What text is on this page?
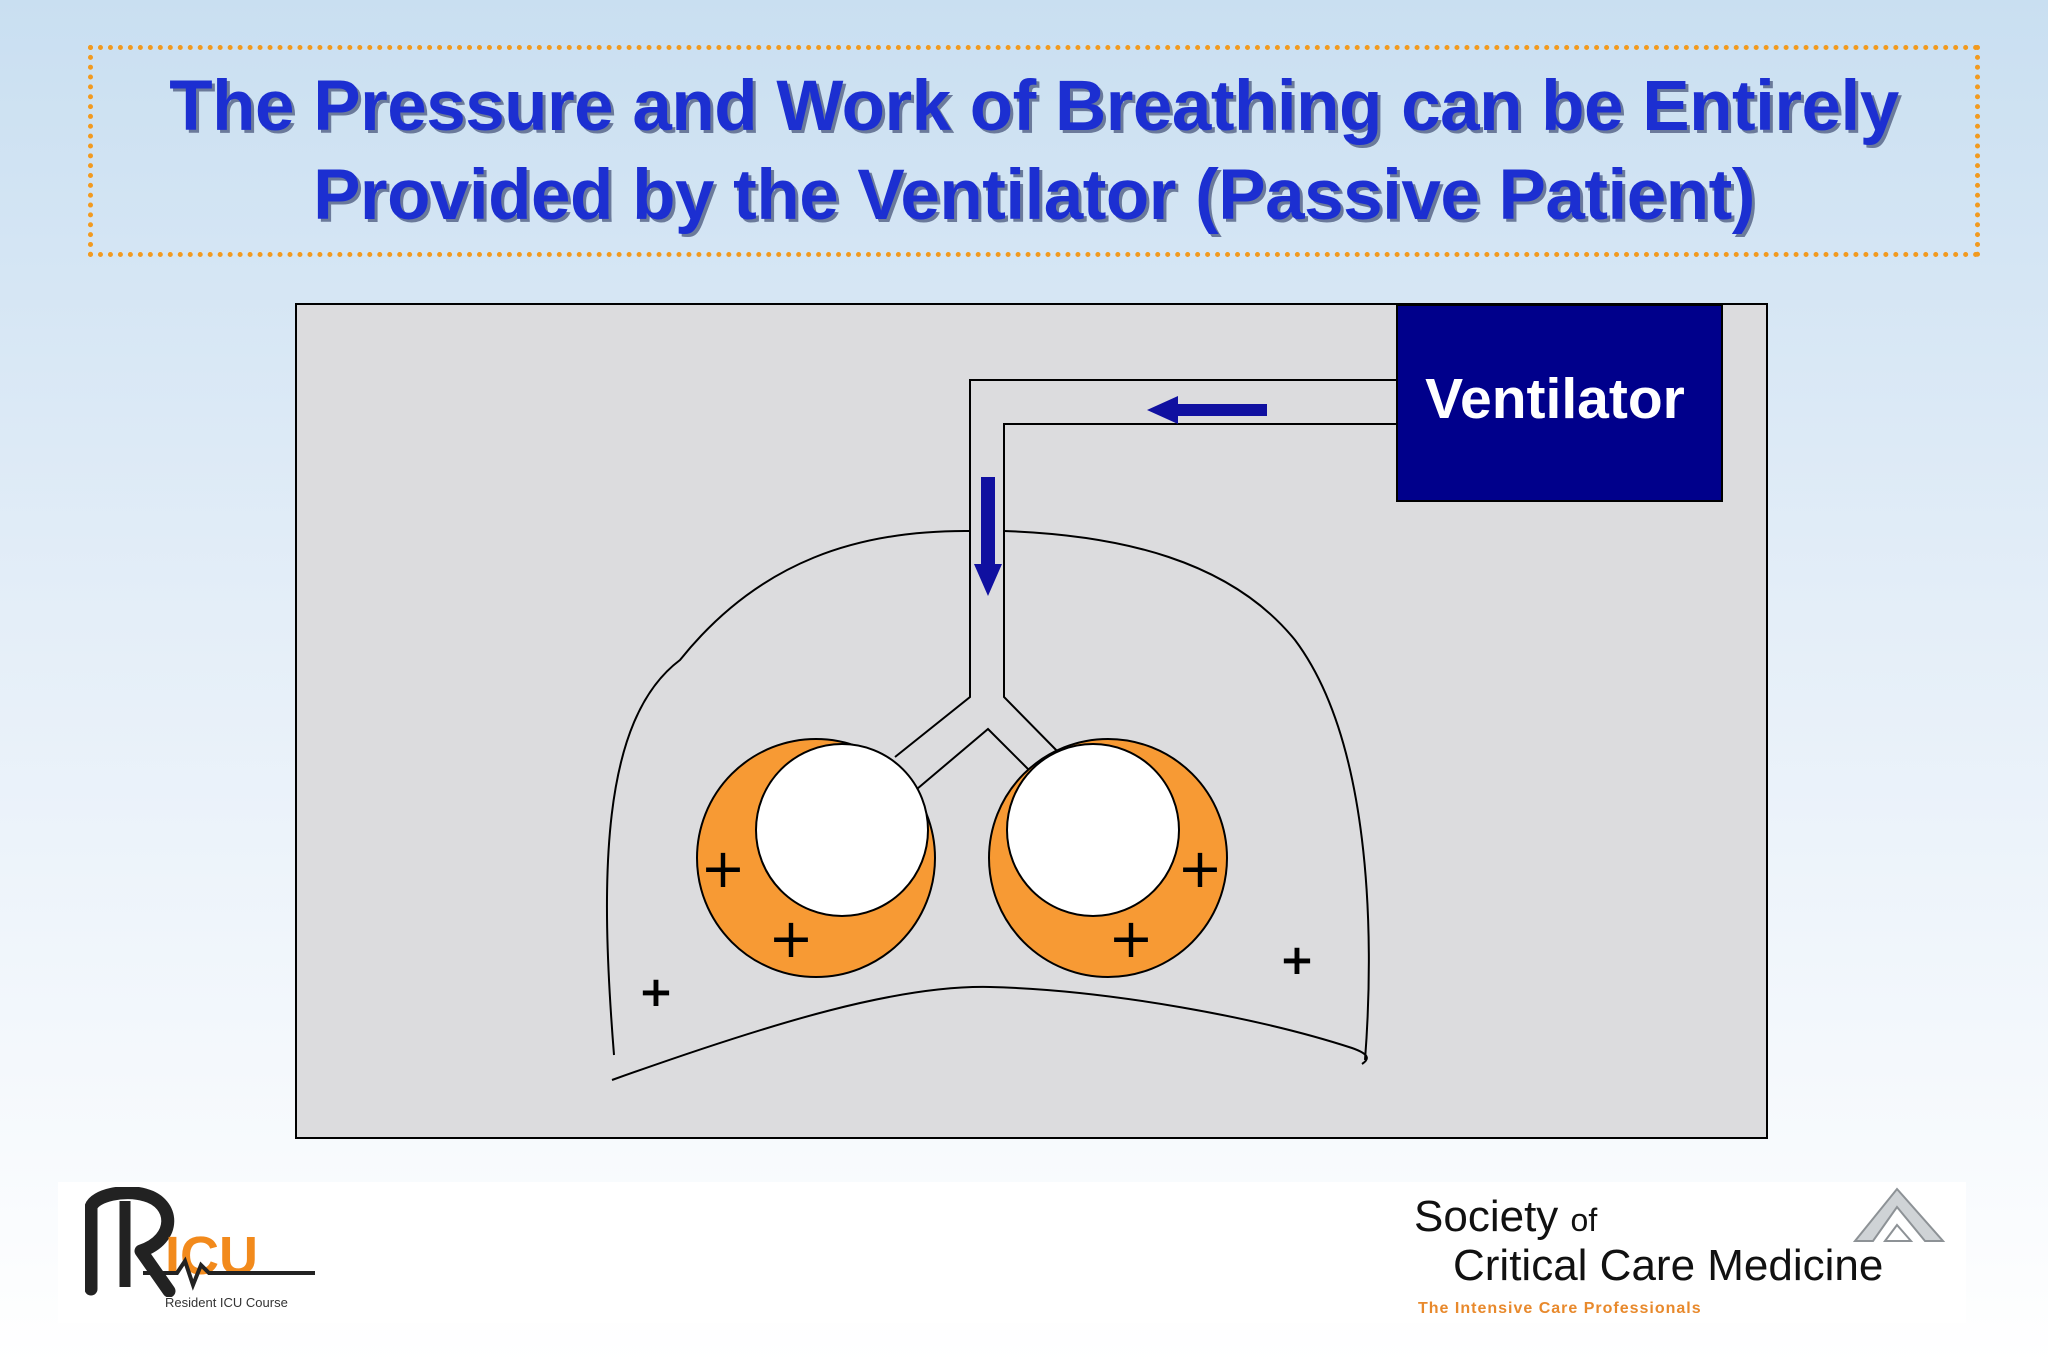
The Pressure and Work of Breathing can be Entirely
Provided by the Ventilator (Passive Patient)
Ventilator
+
+
+
+
+
+
ICU
Resident ICU Course
Society of
Critical Care Medicine
The Intensive Care Professionals
